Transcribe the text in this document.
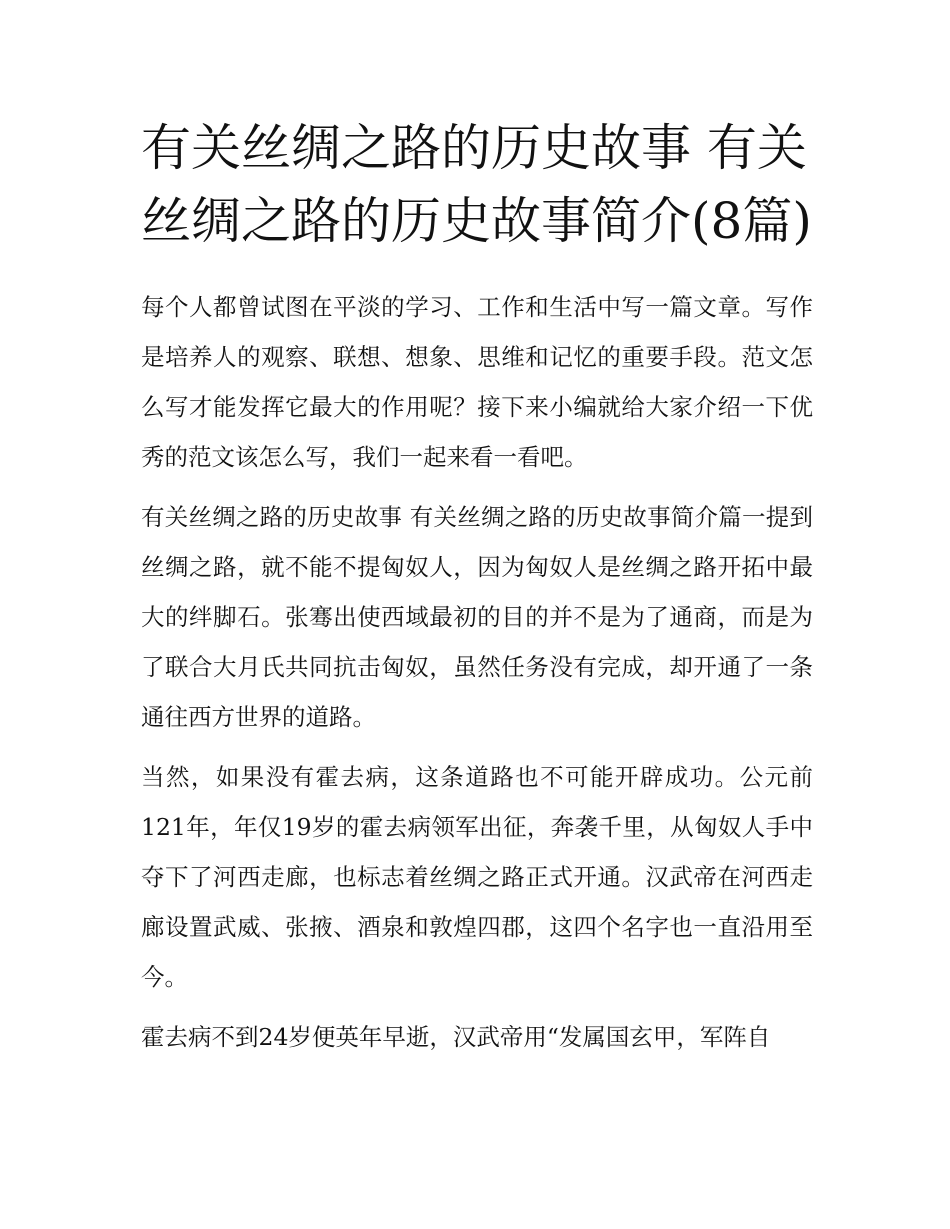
有关丝绸之路的历史故事 有关丝绸之路的历史故事简介(8篇)

每个人都曾试图在平淡的学习、工作和生活中写一篇文章。写作是培养人的观察、联想、想象、思维和记忆的重要手段。范文怎么写才能发挥它最大的作用呢？接下来小编就给大家介绍一下优秀的范文该怎么写，我们一起来看一看吧。

有关丝绸之路的历史故事 有关丝绸之路的历史故事简介篇一提到丝绸之路，就不能不提匈奴人，因为匈奴人是丝绸之路开拓中最大的绊脚石。张骞出使西域最初的目的并不是为了通商，而是为了联合大月氏共同抗击匈奴，虽然任务没有完成，却开通了一条通往西方世界的道路。

当然，如果没有霍去病，这条道路也不可能开辟成功。公元前121年，年仅19岁的霍去病领军出征，奔袭千里，从匈奴人手中夺下了河西走廊，也标志着丝绸之路正式开通。汉武帝在河西走廊设置武威、张掖、酒泉和敦煌四郡，这四个名字也一直沿用至今。

霍去病不到24岁便英年早逝，汉武帝用“发属国玄甲，军阵自
